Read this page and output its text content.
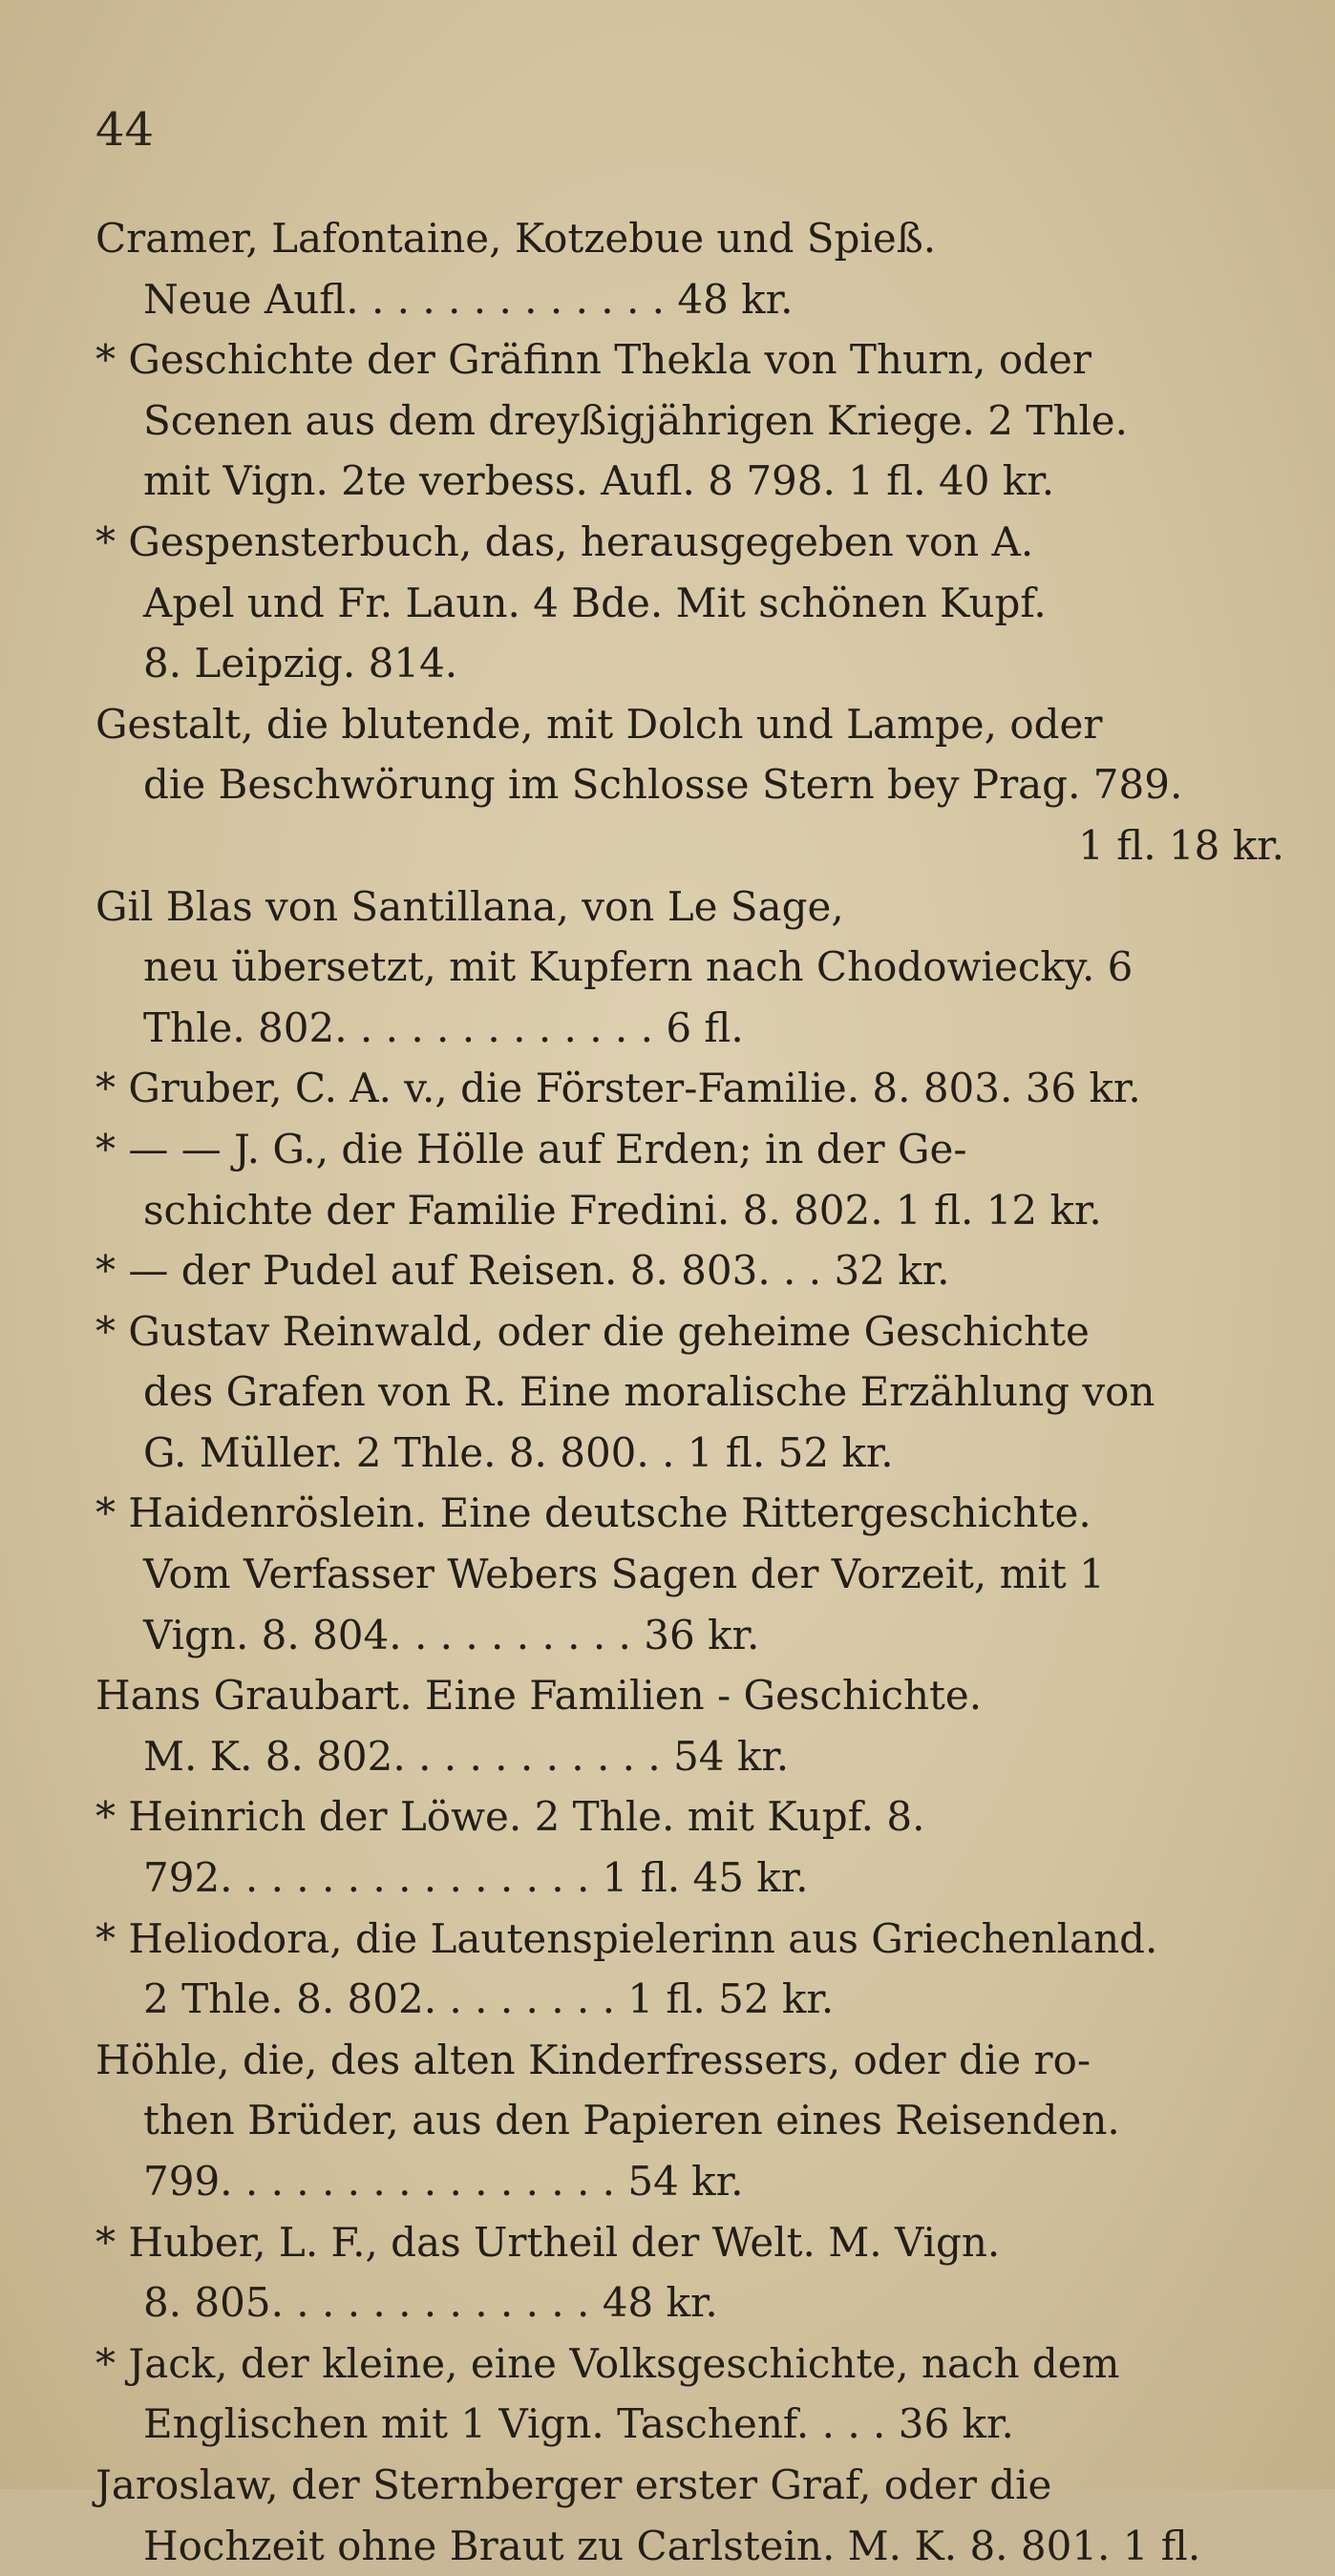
44
Cramer, Lafontaine, Kotzebue und Spieß.
Neue Aufl. . . . . . . . . . . . . 48 kr.
* Geschichte der Gräfinn Thekla von Thurn, oder
Scenen aus dem dreyßigjährigen Kriege. 2 Thle.
mit Vign. 2te verbess. Aufl. 8 798. 1 fl. 40 kr.
* Gespensterbuch, das, herausgegeben von A.
Apel und Fr. Laun. 4 Bde. Mit schönen Kupf.
8. Leipzig. 814.
Gestalt, die blutende, mit Dolch und Lampe, oder
die Beschwörung im Schlosse Stern bey Prag. 789.
1 fl. 18 kr.
Gil Blas von Santillana, von Le Sage,
neu übersetzt, mit Kupfern nach Chodowiecky. 6
Thle. 802. . . . . . . . . . . . . 6 fl.
* Gruber, C. A. v., die Förster-Familie. 8. 803. 36 kr.
* — — J. G., die Hölle auf Erden; in der Ge-
schichte der Familie Fredini. 8. 802. 1 fl. 12 kr.
* — der Pudel auf Reisen. 8. 803. . . 32 kr.
* Gustav Reinwald, oder die geheime Geschichte
des Grafen von R. Eine moralische Erzählung von
G. Müller. 2 Thle. 8. 800. . 1 fl. 52 kr.
* Haidenröslein. Eine deutsche Rittergeschichte.
Vom Verfasser Webers Sagen der Vorzeit, mit 1
Vign. 8. 804. . . . . . . . . . 36 kr.
Hans Graubart. Eine Familien - Geschichte.
M. K. 8. 802. . . . . . . . . . . 54 kr.
* Heinrich der Löwe. 2 Thle. mit Kupf. 8.
792. . . . . . . . . . . . . . . 1 fl. 45 kr.
* Heliodora, die Lautenspielerinn aus Griechenland.
2 Thle. 8. 802. . . . . . . . 1 fl. 52 kr.
Höhle, die, des alten Kinderfressers, oder die ro-
then Brüder, aus den Papieren eines Reisenden.
799. . . . . . . . . . . . . . . . 54 kr.
* Huber, L. F., das Urtheil der Welt. M. Vign.
8. 805. . . . . . . . . . . . . 48 kr.
* Jack, der kleine, eine Volksgeschichte, nach dem
Englischen mit 1 Vign. Taschenf. . . . 36 kr.
Jaroslaw, der Sternberger erster Graf, oder die
Hochzeit ohne Braut zu Carlstein. M. K. 8. 801. 1 fl.
